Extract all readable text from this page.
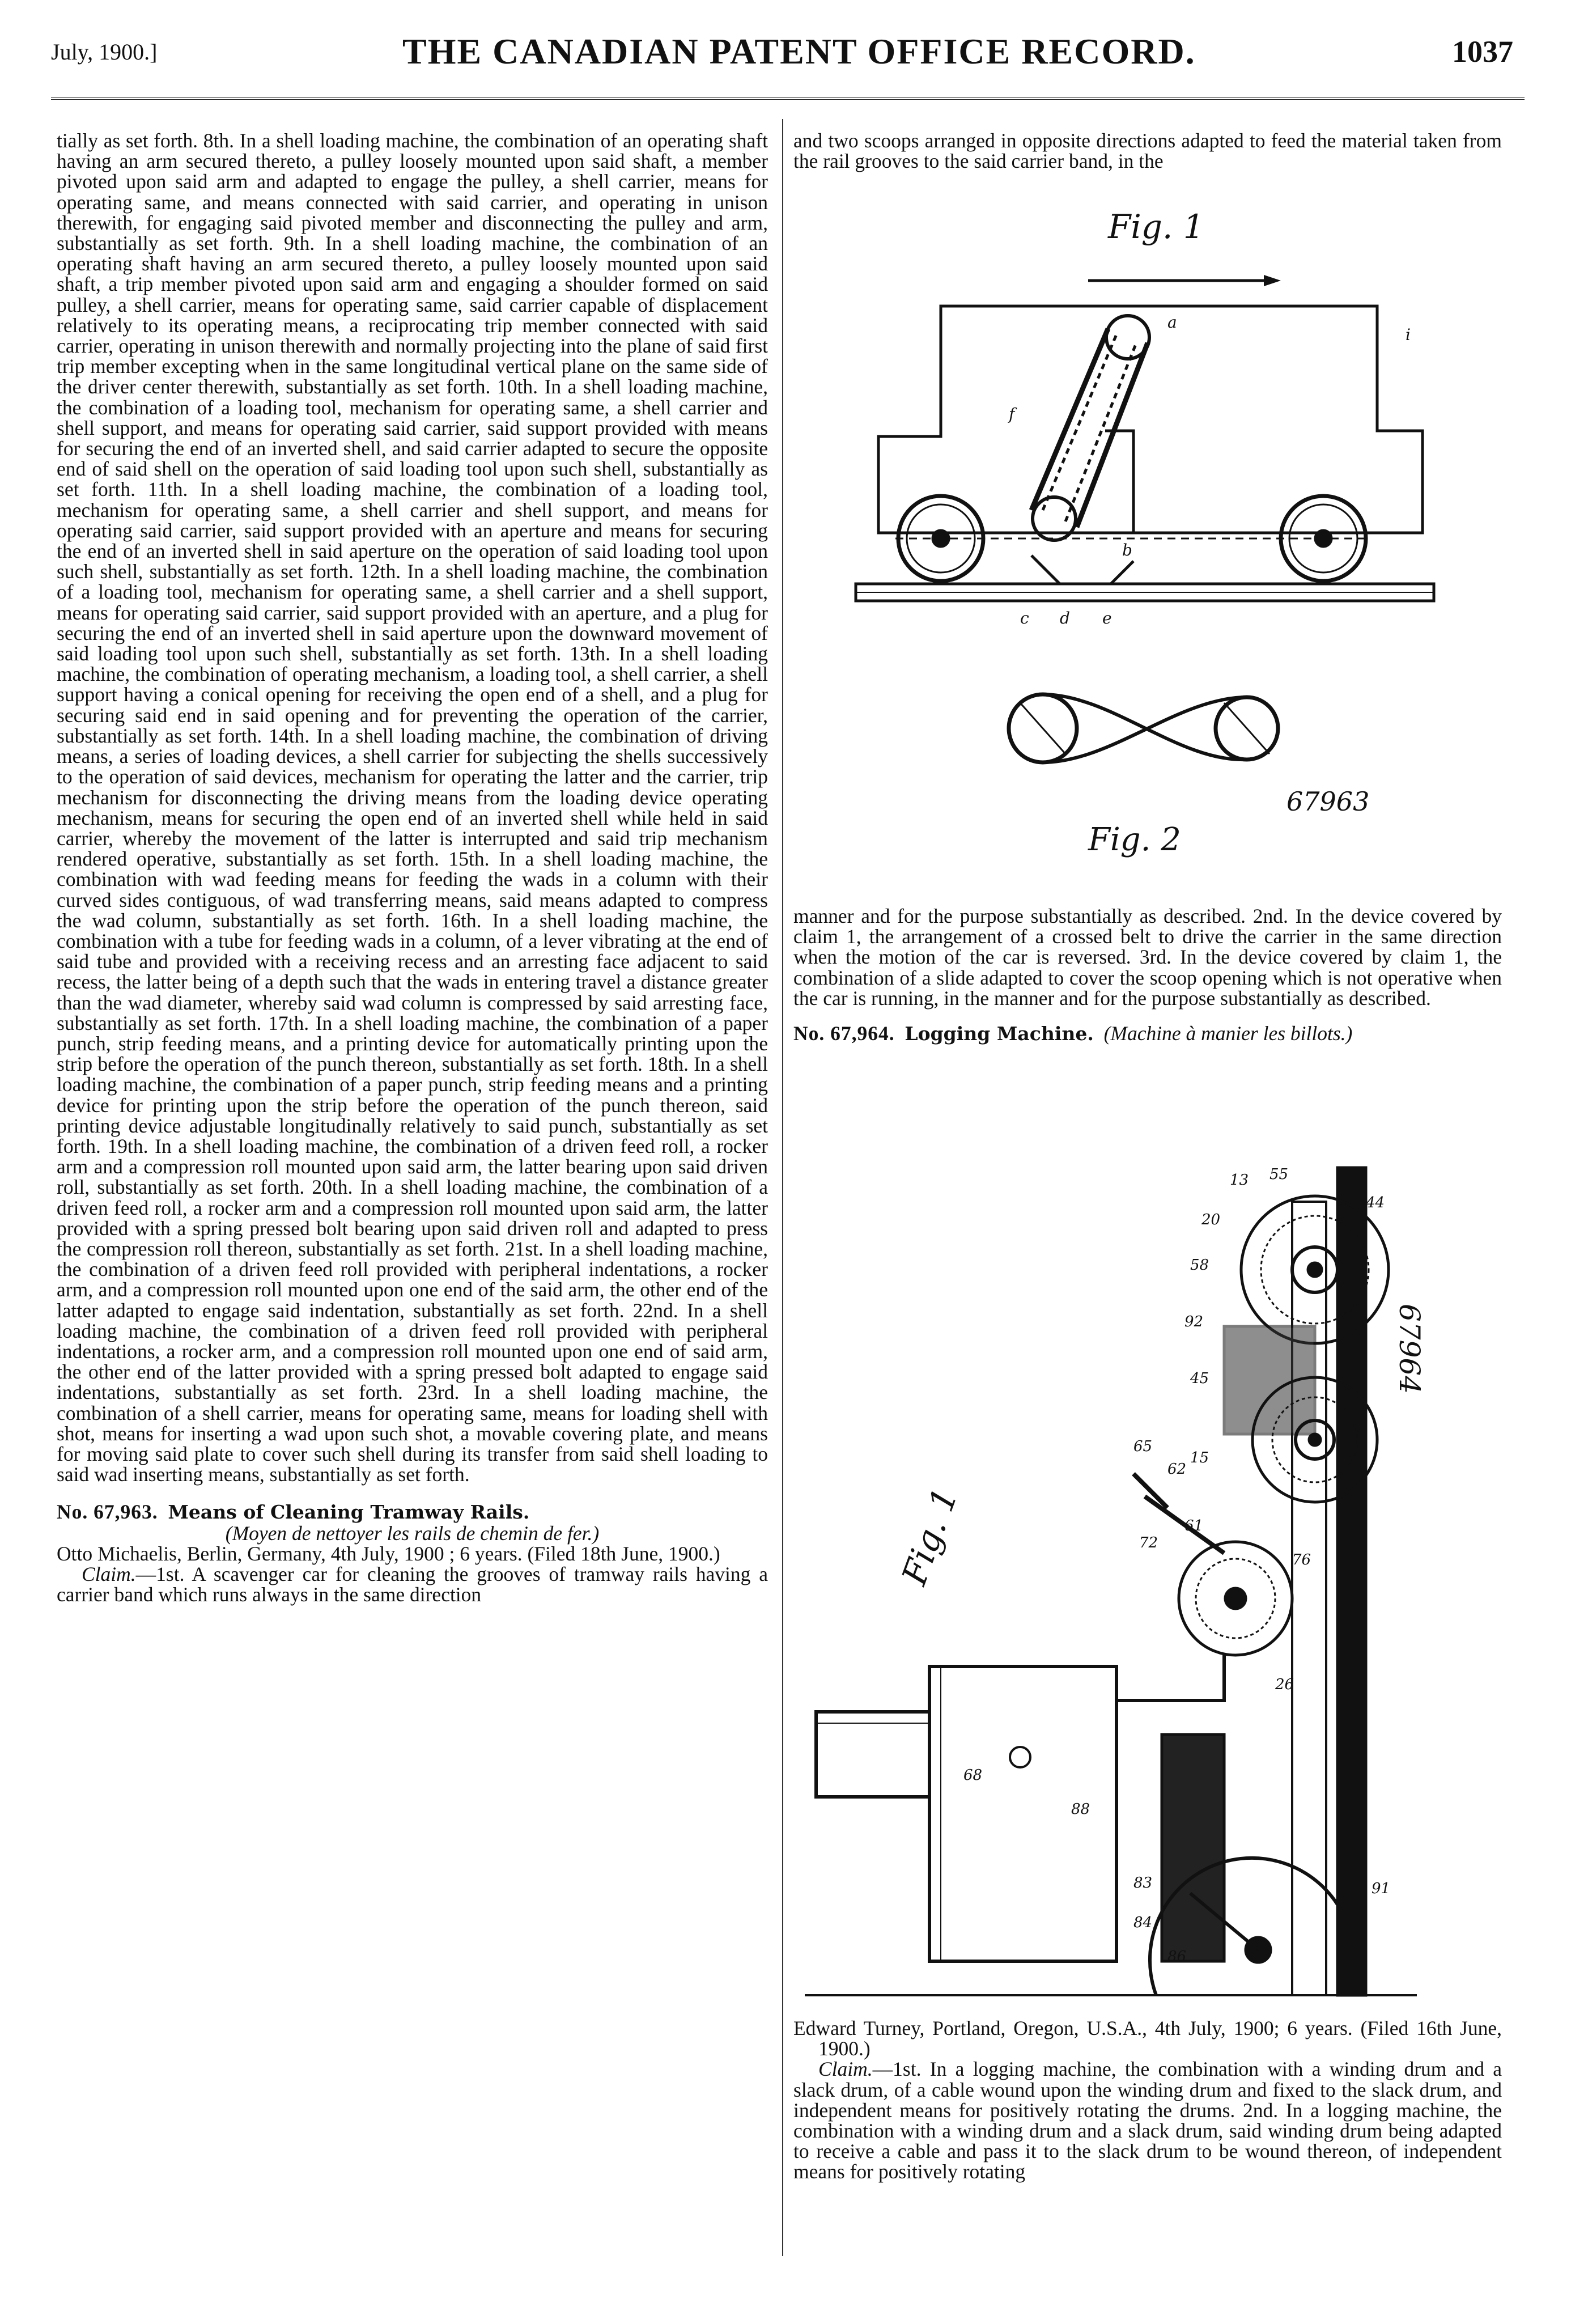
July, 1900.]	THE CANADIAN PATENT OFFICE RECORD.	1037

tially as set forth. 8th. In a shell loading machine, the combination of an operating shaft having an arm secured thereto, a pulley loosely mounted upon said shaft, a member pivoted upon said arm and adapted to engage the pulley, a shell carrier, means for operating same, and means connected with said carrier, and operating in unison therewith, for engaging said pivoted member and disconnecting the pulley and arm, substantially as set forth. 9th. In a shell loading machine, the combination of an operating shaft having an arm secured thereto, a pulley loosely mounted upon said shaft, a trip member pivoted upon said arm and engaging a shoulder formed on said pulley, a shell carrier, means for operating same, said carrier capable of displacement relatively to its operating means, a reciprocating trip member connected with said carrier, operating in unison therewith and normally projecting into the plane of said first trip member excepting when in the same longitudinal vertical plane on the same side of the driver center therewith, substantially as set forth. 10th. In a shell loading machine, the combination of a loading tool, mechanism for operating same, a shell carrier and shell support, and means for operating said carrier, said support provided with means for securing the end of an inverted shell, and said carrier adapted to secure the opposite end of said shell on the operation of said loading tool upon such shell, substantially as set forth. 11th. In a shell loading machine, the combination of a loading tool, mechanism for operating same, a shell carrier and shell support, and means for operating said carrier, said support provided with an aperture and means for securing the end of an inverted shell in said aperture on the operation of said loading tool upon such shell, substantially as set forth. 12th. In a shell loading machine, the combination of a loading tool, mechanism for operating same, a shell carrier and a shell support, means for operating said carrier, said support provided with an aperture, and a plug for securing the end of an inverted shell in said aperture upon the downward movement of said loading tool upon such shell, substantially as set forth. 13th. In a shell loading machine, the combination of operating mechanism, a loading tool, a shell carrier, a shell support having a conical opening for receiving the open end of a shell, and a plug for securing said end in said opening and for preventing the operation of the carrier, substantially as set forth. 14th. In a shell loading machine, the combination of driving means, a series of loading devices, a shell carrier for subjecting the shells successively to the operation of said devices, mechanism for operating the latter and the carrier, trip mechanism for disconnecting the driving means from the loading device operating mechanism, means for securing the open end of an inverted shell while held in said carrier, whereby the movement of the latter is interrupted and said trip mechanism rendered operative, substantially as set forth. 15th. In a shell loading machine, the combination with wad feeding means for feeding the wads in a column with their curved sides contiguous, of wad transferring means, said means adapted to compress the wad column, substantially as set forth. 16th. In a shell loading machine, the combination with a tube for feeding wads in a column, of a lever vibrating at the end of said tube and provided with a receiving recess and an arresting face adjacent to said recess, the latter being of a depth such that the wads in entering travel a distance greater than the wad diameter, whereby said wad column is compressed by said arresting face, substantially as set forth. 17th. In a shell loading machine, the combination of a paper punch, strip feeding means, and a printing device for automatically printing upon the strip before the operation of the punch thereon, substantially as set forth. 18th. In a shell loading machine, the combination of a paper punch, strip feeding means and a printing device for printing upon the strip before the operation of the punch thereon, said printing device adjustable longitudinally relatively to said punch, substantially as set forth. 19th. In a shell loading machine, the combination of a driven feed roll, a rocker arm and a compression roll mounted upon said arm, the latter bearing upon said driven roll, substantially as set forth. 20th. In a shell loading machine, the combination of a driven feed roll, a rocker arm and a compression roll mounted upon said arm, the latter provided with a spring pressed bolt bearing upon said driven roll and adapted to press the compression roll thereon, substantially as set forth. 21st. In a shell loading machine, the combination of a driven feed roll provided with peripheral indentations, a rocker arm, and a compression roll mounted upon one end of the said arm, the other end of the latter adapted to engage said indentation, substantially as set forth. 22nd. In a shell loading machine, the combination of a driven feed roll provided with peripheral indentations, a rocker arm, and a compression roll mounted upon one end of said arm, the other end of the latter provided with a spring pressed bolt adapted to engage said indentations, substantially as set forth. 23rd. In a shell loading machine, the combination of a shell carrier, means for operating same, means for loading shell with shot, means for inserting a wad upon such shot, a movable covering plate, and means for moving said plate to cover such shell during its transfer from said shell loading to said wad inserting means, substantially as set forth.

No. 67,963. Means of Cleaning Tramway Rails.

(Moyen de nettoyer les rails de chemin de fer.)

Otto Michaelis, Berlin, Germany, 4th July, 1900 ; 6 years. (Filed 18th June, 1900.)

Claim.—1st. A scavenger car for cleaning the grooves of tramway rails having a carrier band which runs always in the same direction

and two scoops arranged in opposite directions adapted to feed the material taken from the rail grooves to the said carrier band, in the

Fig. 1
i
a
f
b
c d e
67963
Fig. 2

manner and for the purpose substantially as described. 2nd. In the device covered by claim 1, the arrangement of a crossed belt to drive the carrier in the same direction when the motion of the car is reversed. 3rd. In the device covered by claim 1, the combination of a slide adapted to cover the scoop opening which is not operative when the car is running, in the manner and for the purpose substantially as described.

No. 67,964. Logging Machine. (Machine à manier les billots.)

Fig. 1
67964
13 55
44
20
58
92
45
65
62
15
61
72
76
68
88
26
83
84
86
91

Edward Turney, Portland, Oregon, U.S.A., 4th July, 1900; 6 years. (Filed 16th June, 1900.)

Claim.—1st. In a logging machine, the combination with a winding drum and a slack drum, of a cable wound upon the winding drum and fixed to the slack drum, and independent means for positively rotating the drums. 2nd. In a logging machine, the combination with a winding drum and a slack drum, said winding drum being adapted to receive a cable and pass it to the slack drum to be wound thereon, of independent means for positively rotating
